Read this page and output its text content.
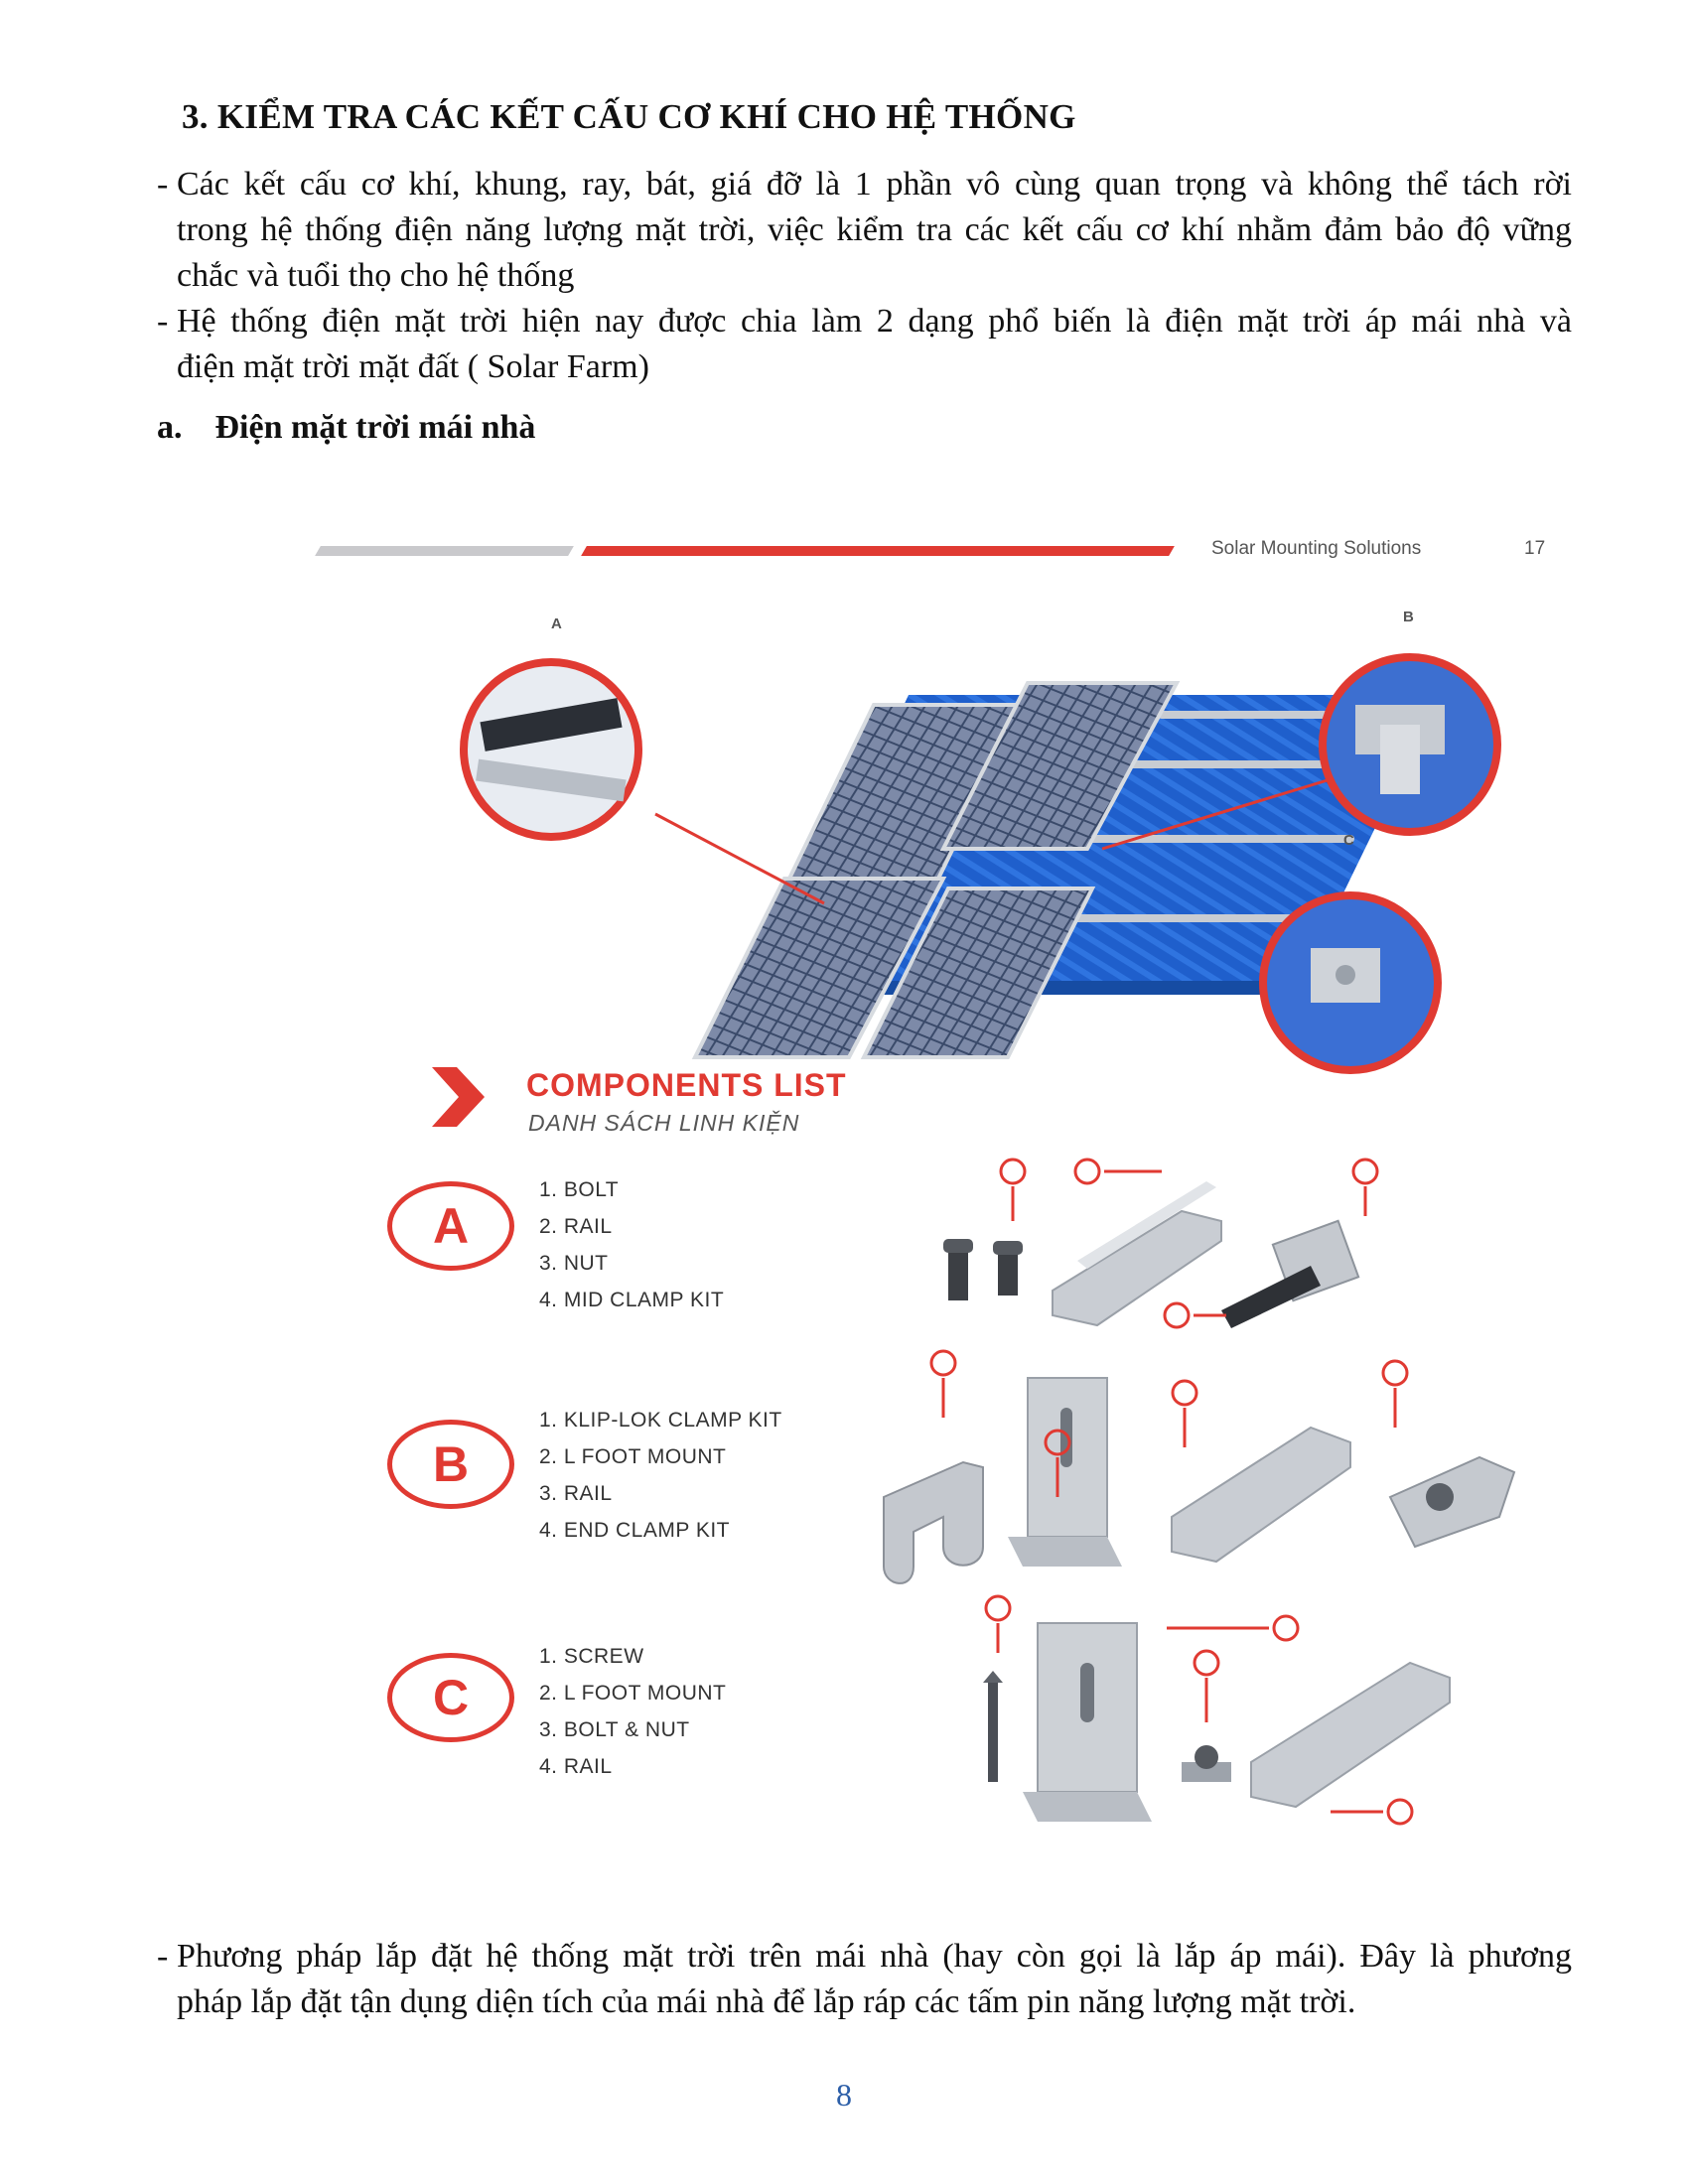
3. KIỂM TRA CÁC KẾT CẤU CƠ KHÍ CHO HỆ THỐNG
- Các kết cấu cơ khí, khung, ray, bát, giá đỡ là 1 phần vô cùng quan trọng và không thể tách rời
trong hệ thống điện năng lượng mặt trời, việc kiểm tra các kết cấu cơ khí nhằm đảm bảo độ vững
chắc và tuổi thọ cho hệ thống
- Hệ thống điện mặt trời hiện nay được chia làm 2 dạng phổ biến là điện mặt trời áp mái nhà và
điện mặt trời mặt đất ( Solar Farm)
a. Điện mặt trời mái nhà
Solar Mounting Solutions	17
A	B
C
COMPONENTS LIST
DANH SÁCH LINH KIỆN
A
1. BOLT
2. RAIL
3. NUT
4. MID CLAMP KIT
B
1. KLIP-LOK CLAMP KIT
2. L FOOT MOUNT
3. RAIL
4. END CLAMP KIT
C
1. SCREW
2. L FOOT MOUNT
3. BOLT & NUT
4. RAIL
- Phương pháp lắp đặt hệ thống mặt trời trên mái nhà (hay còn gọi là lắp áp mái). Đây là phương
pháp lắp đặt tận dụng diện tích của mái nhà để lắp ráp các tấm pin năng lượng mặt trời.
8
